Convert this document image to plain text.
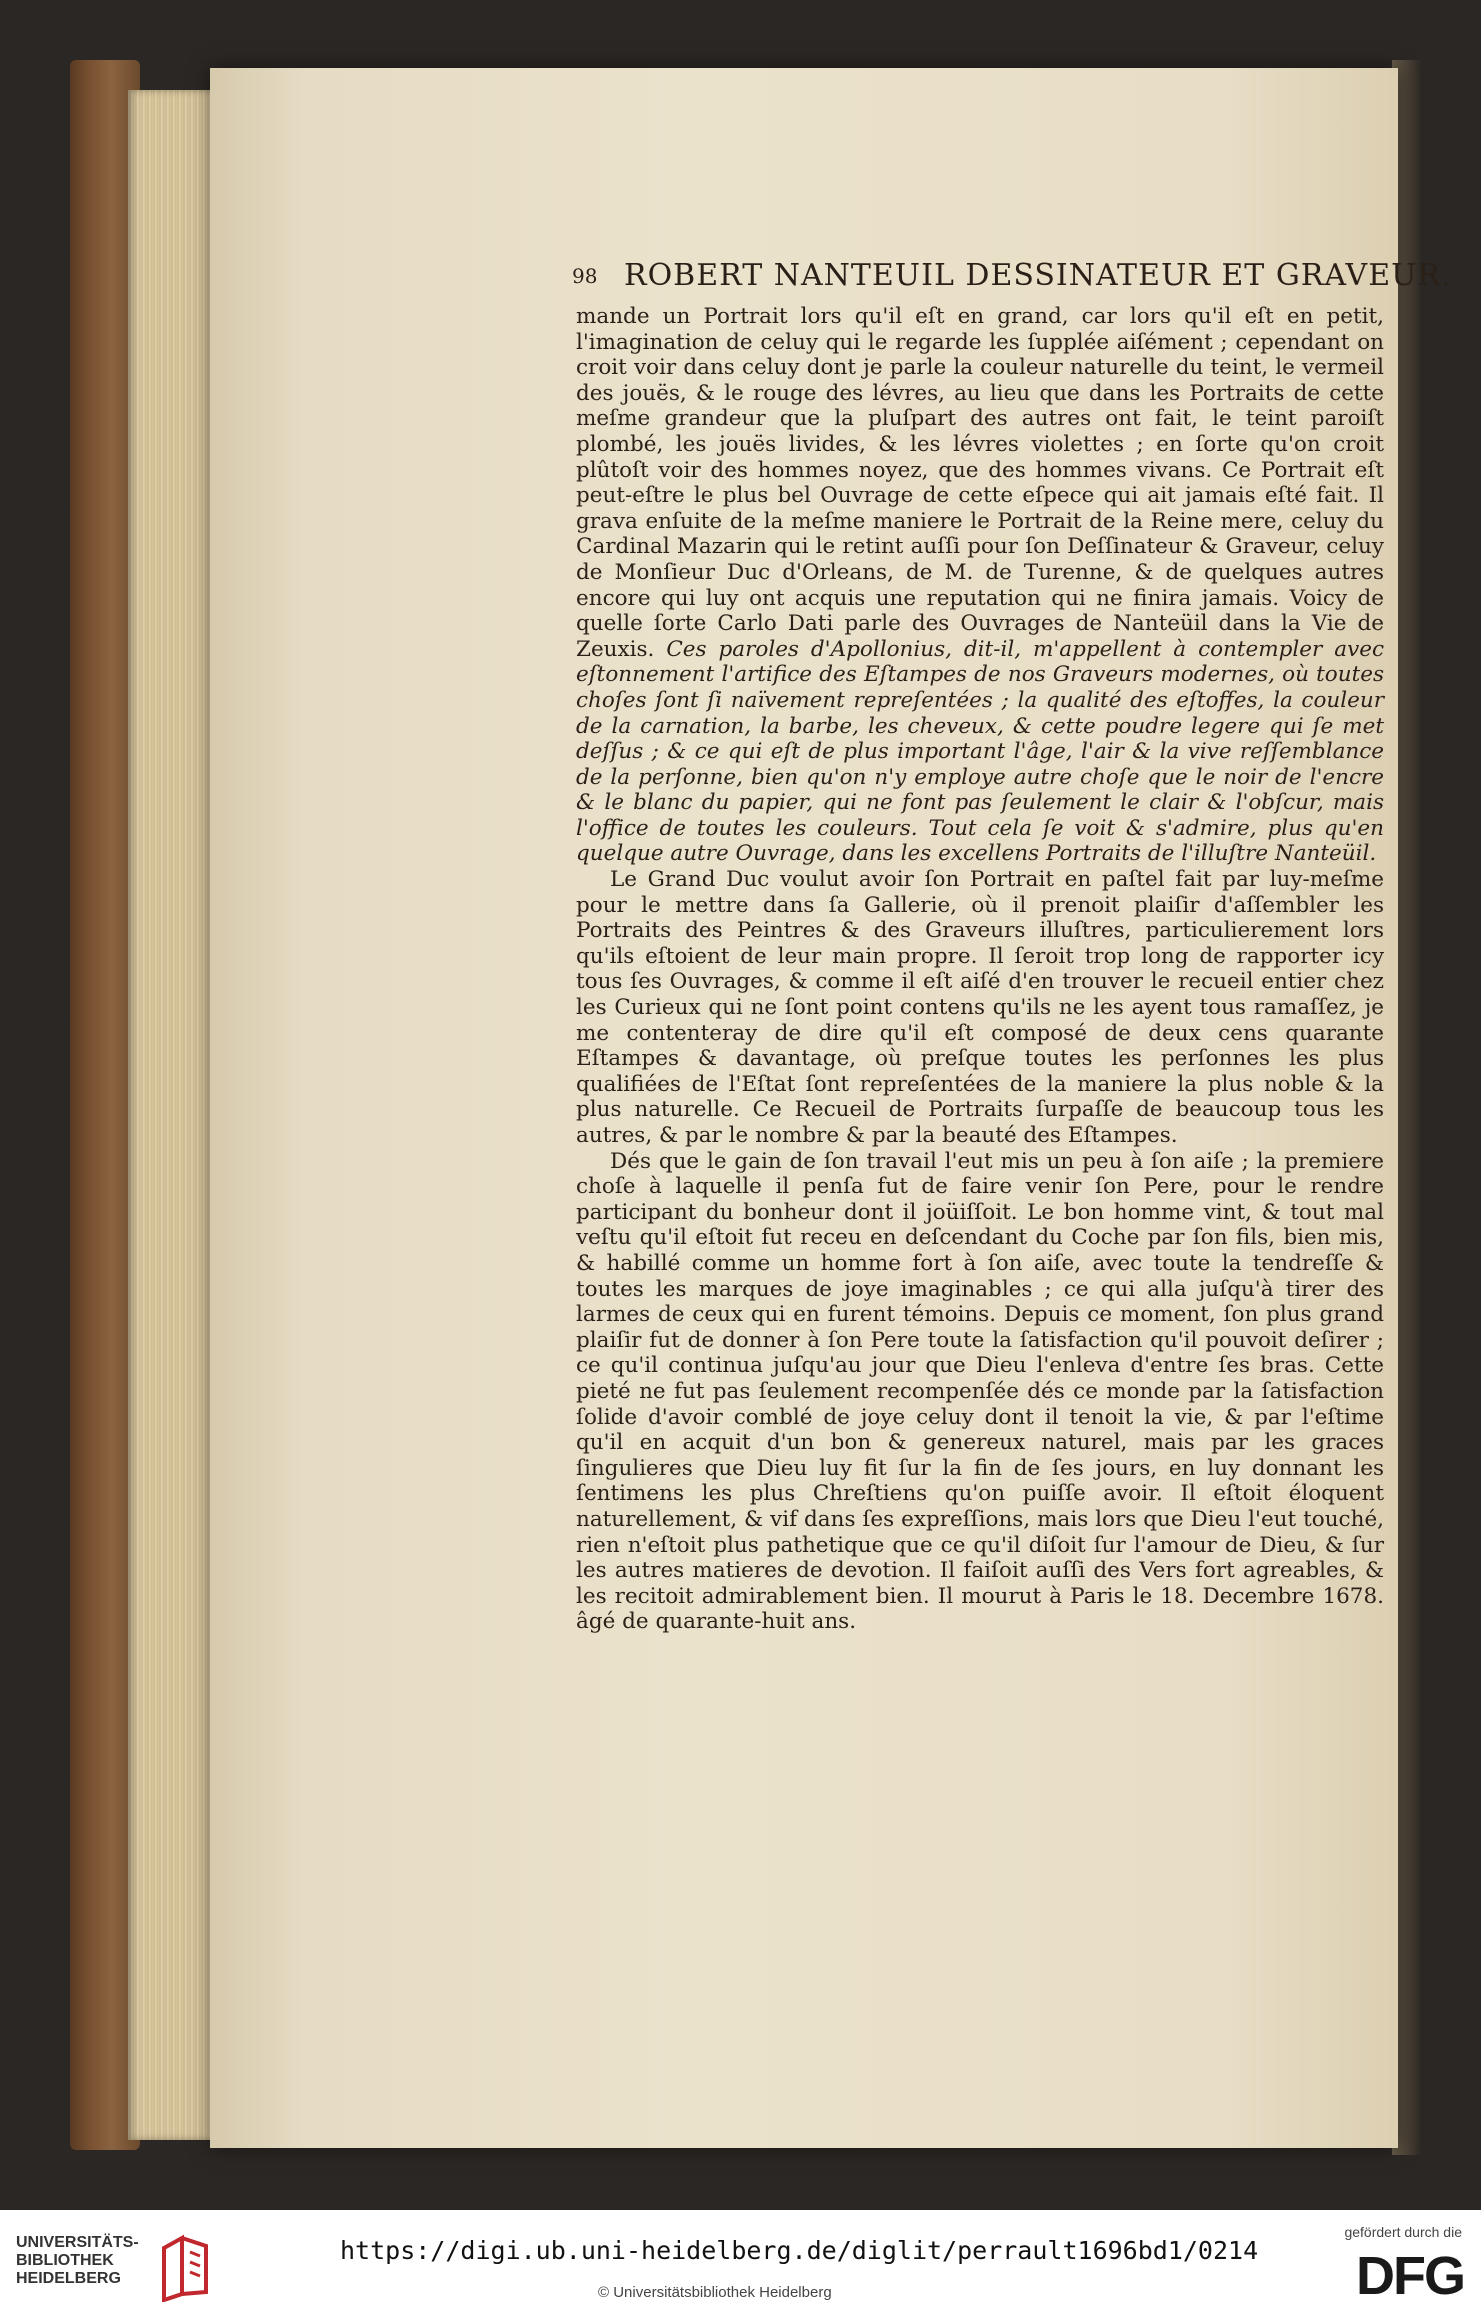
98 ROBERT NANTEUIL DESSINATEUR ET GRAVEUR.

mande un Portrait lors qu'il eſt en grand, car lors qu'il eſt en petit, l'imagination de celuy qui le regarde les ſupplée aiſément ; cependant on croit voir dans celuy dont je parle la couleur naturelle du teint, le vermeil des jouës, & le rouge des lévres, au lieu que dans les Portraits de cette meſme grandeur que la pluſpart des autres ont fait, le teint paroiſt plombé, les jouës livides, & les lévres violettes ; en ſorte qu'on croit plûtoſt voir des hommes noyez, que des hommes vivans. Ce Portrait eſt peut-eſtre le plus bel Ouvrage de cette eſpece qui ait jamais eſté fait. Il grava enſuite de la meſme maniere le Portrait de la Reine mere, celuy du Cardinal Mazarin qui le retint auſſi pour ſon Deſſinateur & Graveur, celuy de Monſieur Duc d'Orleans, de M. de Turenne, & de quelques autres encore qui luy ont acquis une reputation qui ne finira jamais. Voicy de quelle ſorte Carlo Dati parle des Ouvrages de Nanteüil dans la Vie de Zeuxis. Ces paroles d'Apollonius, dit-il, m'appellent à contempler avec eſtonnement l'artifice des Eſtampes de nos Graveurs modernes, où toutes choſes ſont ſi naïvement repreſentées ; la qualité des eſtoffes, la couleur de la carnation, la barbe, les cheveux, & cette poudre legere qui ſe met deſſus ; & ce qui eſt de plus important l'âge, l'air & la vive reſſemblance de la perſonne, bien qu'on n'y employe autre choſe que le noir de l'encre & le blanc du papier, qui ne font pas ſeulement le clair & l'obſcur, mais l'office de toutes les couleurs. Tout cela ſe voit & s'admire, plus qu'en quelque autre Ouvrage, dans les excellens Portraits de l'illuſtre Nanteüil.

Le Grand Duc voulut avoir ſon Portrait en paſtel fait par luy-meſme pour le mettre dans ſa Gallerie, où il prenoit plaiſir d'aſſembler les Portraits des Peintres & des Graveurs illuſtres, particulierement lors qu'ils eſtoient de leur main propre. Il ſeroit trop long de rapporter icy tous ſes Ouvrages, & comme il eſt aiſé d'en trouver le recueil entier chez les Curieux qui ne ſont point contens qu'ils ne les ayent tous ramaſſez, je me contenteray de dire qu'il eſt composé de deux cens quarante Eſtampes & davantage, où preſque toutes les perſonnes les plus qualifiées de l'Eſtat ſont repreſentées de la maniere la plus noble & la plus naturelle. Ce Recueil de Portraits ſurpaſſe de beaucoup tous les autres, & par le nombre & par la beauté des Eſtampes.

Dés que le gain de ſon travail l'eut mis un peu à ſon aiſe ; la premiere choſe à laquelle il penſa fut de faire venir ſon Pere, pour le rendre participant du bonheur dont il joüiſſoit. Le bon homme vint, & tout mal veſtu qu'il eſtoit fut receu en deſcendant du Coche par ſon fils, bien mis, & habillé comme un homme fort à ſon aiſe, avec toute la tendreſſe & toutes les marques de joye imaginables ; ce qui alla juſqu'à tirer des larmes de ceux qui en furent témoins. Depuis ce moment, ſon plus grand plaiſir fut de donner à ſon Pere toute la ſatisfaction qu'il pouvoit deſirer ; ce qu'il continua juſqu'au jour que Dieu l'enleva d'entre ſes bras. Cette pieté ne fut pas ſeulement recompenſée dés ce monde par la ſatisfaction ſolide d'avoir comblé de joye celuy dont il tenoit la vie, & par l'eſtime qu'il en acquit d'un bon & genereux naturel, mais par les graces ſingulieres que Dieu luy fit ſur la fin de ſes jours, en luy donnant les ſentimens les plus Chreſtiens qu'on puiſſe avoir. Il eſtoit éloquent naturellement, & vif dans ſes expreſſions, mais lors que Dieu l'eut touché, rien n'eſtoit plus pathetique que ce qu'il diſoit ſur l'amour de Dieu, & ſur les autres matieres de devotion. Il faiſoit auſſi des Vers fort agreables, & les recitoit admirablement bien. Il mourut à Paris le 18. Decembre 1678. âgé de quarante-huit ans.

UNIVERSITÄTS-
BIBLIOTHEK
HEIDELBERG
https://digi.ub.uni-heidelberg.de/diglit/perrault1696bd1/0214
© Universitätsbibliothek Heidelberg
gefördert durch die
DFG
